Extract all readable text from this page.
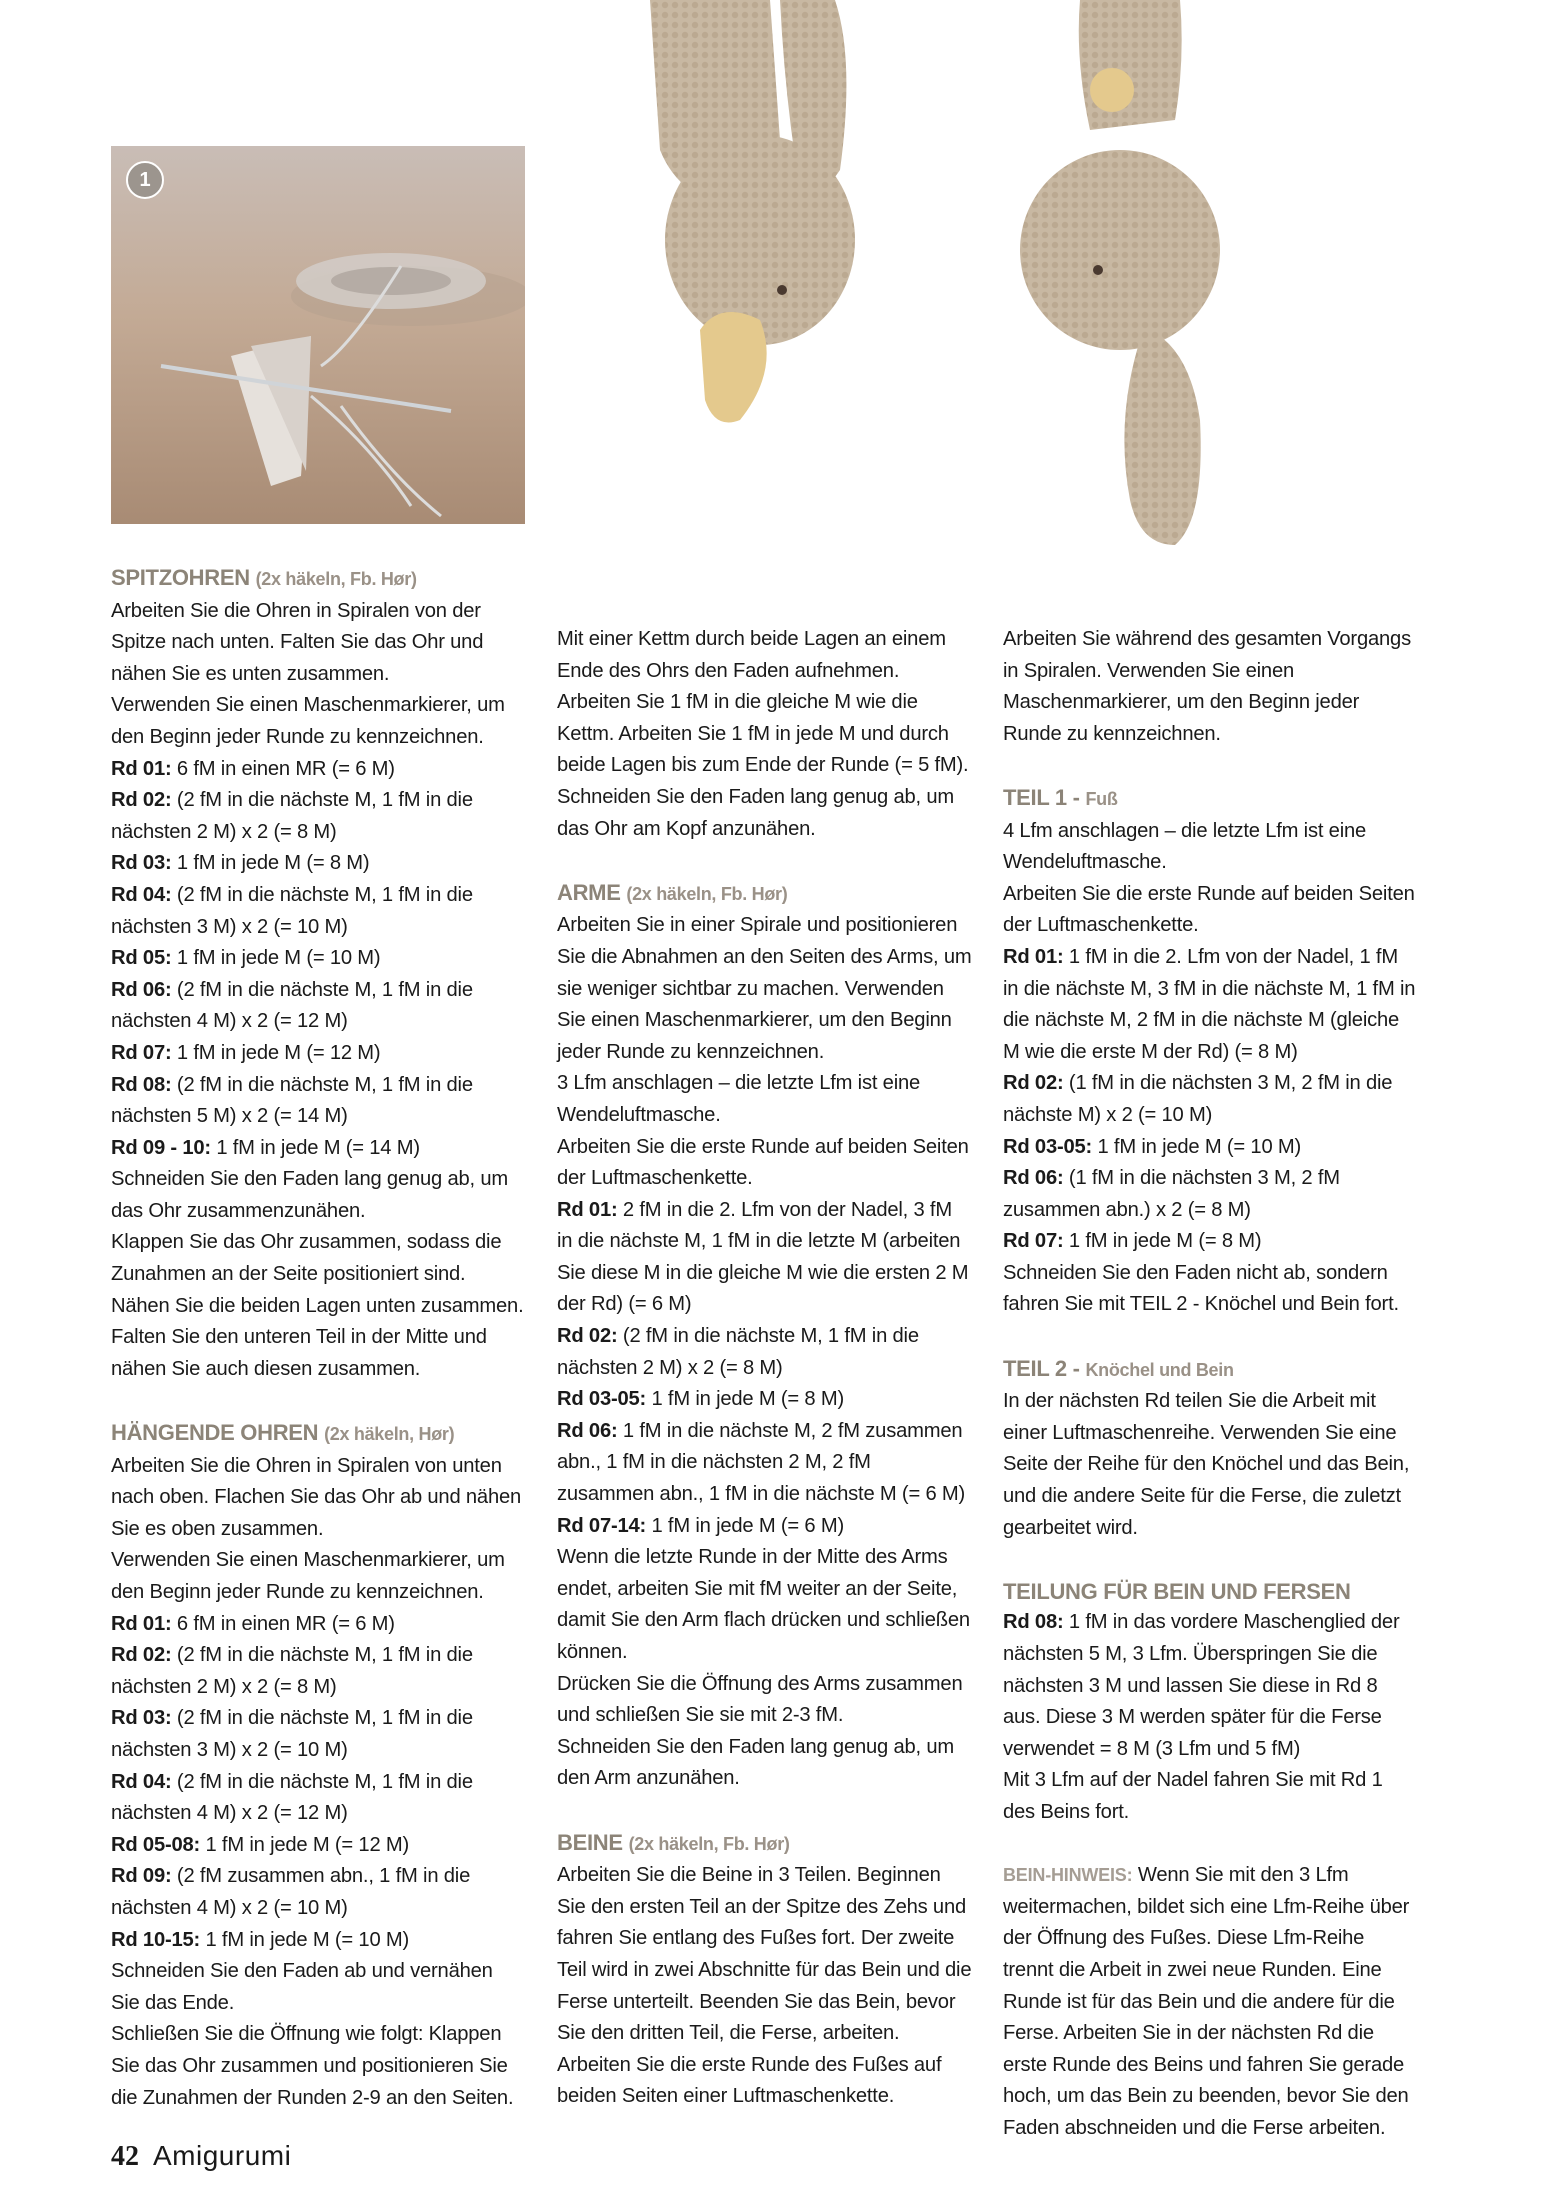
1

SPITZOHREN (2x häkeln, Fb. Hør)

Arbeiten Sie die Ohren in Spiralen von der Spitze nach unten. Falten Sie das Ohr und nähen Sie es unten zusammen.

Verwenden Sie einen Maschenmarkierer, um den Beginn jeder Runde zu kennzeichnen.

Rd 01: 6 fM in einen MR (= 6 M)

Rd 02: (2 fM in die nächste M, 1 fM in die nächsten 2 M) x 2 (= 8 M)

Rd 03: 1 fM in jede M (= 8 M)

Rd 04: (2 fM in die nächste M, 1 fM in die nächsten 3 M) x 2 (= 10 M)

Rd 05: 1 fM in jede M (= 10 M)

Rd 06: (2 fM in die nächste M, 1 fM in die nächsten 4 M) x 2 (= 12 M)

Rd 07: 1 fM in jede M (= 12 M)

Rd 08: (2 fM in die nächste M, 1 fM in die nächsten 5 M) x 2 (= 14 M)

Rd 09 - 10: 1 fM in jede M (= 14 M)

Schneiden Sie den Faden lang genug ab, um das Ohr zusammenzunähen.

Klappen Sie das Ohr zusammen, sodass die Zunahmen an der Seite positioniert sind.

Nähen Sie die beiden Lagen unten zusammen. Falten Sie den unteren Teil in der Mitte und nähen Sie auch diesen zusammen.

HÄNGENDE OHREN (2x häkeln, Hør)

Arbeiten Sie die Ohren in Spiralen von unten nach oben. Flachen Sie das Ohr ab und nähen Sie es oben zusammen.

Verwenden Sie einen Maschenmarkierer, um den Beginn jeder Runde zu kennzeichnen.

Rd 01: 6 fM in einen MR (= 6 M)

Rd 02: (2 fM in die nächste M, 1 fM in die nächsten 2 M) x 2 (= 8 M)

Rd 03: (2 fM in die nächste M, 1 fM in die nächsten 3 M) x 2 (= 10 M)

Rd 04: (2 fM in die nächste M, 1 fM in die nächsten 4 M) x 2 (= 12 M)

Rd 05-08: 1 fM in jede M (= 12 M)

Rd 09: (2 fM zusammen abn., 1 fM in die nächsten 4 M) x 2 (= 10 M)

Rd 10-15: 1 fM in jede M (= 10 M)

Schneiden Sie den Faden ab und vernähen Sie das Ende.

Schließen Sie die Öffnung wie folgt: Klappen Sie das Ohr zusammen und positionieren Sie die Zunahmen der Runden 2-9 an den Seiten.

Mit einer Kettm durch beide Lagen an einem Ende des Ohrs den Faden aufnehmen.

Arbeiten Sie 1 fM in die gleiche M wie die Kettm. Arbeiten Sie 1 fM in jede M und durch beide Lagen bis zum Ende der Runde (= 5 fM).

Schneiden Sie den Faden lang genug ab, um das Ohr am Kopf anzunähen.

ARME (2x häkeln, Fb. Hør)

Arbeiten Sie in einer Spirale und positionieren Sie die Abnahmen an den Seiten des Arms, um sie weniger sichtbar zu machen. Verwenden Sie einen Maschenmarkierer, um den Beginn jeder Runde zu kennzeichnen.

3 Lfm anschlagen – die letzte Lfm ist eine Wendeluftmasche.

Arbeiten Sie die erste Runde auf beiden Seiten der Luftmaschenkette.

Rd 01: 2 fM in die 2. Lfm von der Nadel, 3 fM in die nächste M, 1 fM in die letzte M (arbeiten Sie diese M in die gleiche M wie die ersten 2 M der Rd) (= 6 M)

Rd 02: (2 fM in die nächste M, 1 fM in die nächsten 2 M) x 2 (= 8 M)

Rd 03-05: 1 fM in jede M (= 8 M)

Rd 06: 1 fM in die nächste M, 2 fM zusammen abn., 1 fM in die nächsten 2 M, 2 fM zusammen abn., 1 fM in die nächste M (= 6 M)

Rd 07-14: 1 fM in jede M (= 6 M)

Wenn die letzte Runde in der Mitte des Arms endet, arbeiten Sie mit fM weiter an der Seite, damit Sie den Arm flach drücken und schließen können.

Drücken Sie die Öffnung des Arms zusammen und schließen Sie sie mit 2-3 fM.

Schneiden Sie den Faden lang genug ab, um den Arm anzunähen.

BEINE (2x häkeln, Fb. Hør)

Arbeiten Sie die Beine in 3 Teilen. Beginnen Sie den ersten Teil an der Spitze des Zehs und fahren Sie entlang des Fußes fort. Der zweite Teil wird in zwei Abschnitte für das Bein und die Ferse unterteilt. Beenden Sie das Bein, bevor Sie den dritten Teil, die Ferse, arbeiten.

Arbeiten Sie die erste Runde des Fußes auf beiden Seiten einer Luftmaschenkette.

Arbeiten Sie während des gesamten Vorgangs in Spiralen. Verwenden Sie einen Maschenmarkierer, um den Beginn jeder Runde zu kennzeichnen.

TEIL 1 - Fuß

4 Lfm anschlagen – die letzte Lfm ist eine Wendeluftmasche.

Arbeiten Sie die erste Runde auf beiden Seiten der Luftmaschenkette.

Rd 01: 1 fM in die 2. Lfm von der Nadel, 1 fM in die nächste M, 3 fM in die nächste M, 1 fM in die nächste M, 2 fM in die nächste M (gleiche M wie die erste M der Rd) (= 8 M)

Rd 02: (1 fM in die nächsten 3 M, 2 fM in die nächste M) x 2 (= 10 M)

Rd 03-05: 1 fM in jede M (= 10 M)

Rd 06: (1 fM in die nächsten 3 M, 2 fM zusammen abn.) x 2 (= 8 M)

Rd 07: 1 fM in jede M (= 8 M)

Schneiden Sie den Faden nicht ab, sondern fahren Sie mit TEIL 2 - Knöchel und Bein fort.

TEIL 2 - Knöchel und Bein

In der nächsten Rd teilen Sie die Arbeit mit einer Luftmaschenreihe. Verwenden Sie eine Seite der Reihe für den Knöchel und das Bein, und die andere Seite für die Ferse, die zuletzt gearbeitet wird.

TEILUNG FÜR BEIN UND FERSEN

Rd 08: 1 fM in das vordere Maschenglied der nächsten 5 M, 3 Lfm. Überspringen Sie die nächsten 3 M und lassen Sie diese in Rd 8 aus. Diese 3 M werden später für die Ferse verwendet = 8 M (3 Lfm und 5 fM)

Mit 3 Lfm auf der Nadel fahren Sie mit Rd 1 des Beins fort.

BEIN-HINWEIS: Wenn Sie mit den 3 Lfm weitermachen, bildet sich eine Lfm-Reihe über der Öffnung des Fußes. Diese Lfm-Reihe trennt die Arbeit in zwei neue Runden. Eine Runde ist für das Bein und die andere für die Ferse. Arbeiten Sie in der nächsten Rd die erste Runde des Beins und fahren Sie gerade hoch, um das Bein zu beenden, bevor Sie den Faden abschneiden und die Ferse arbeiten.

42 Amigurumi
